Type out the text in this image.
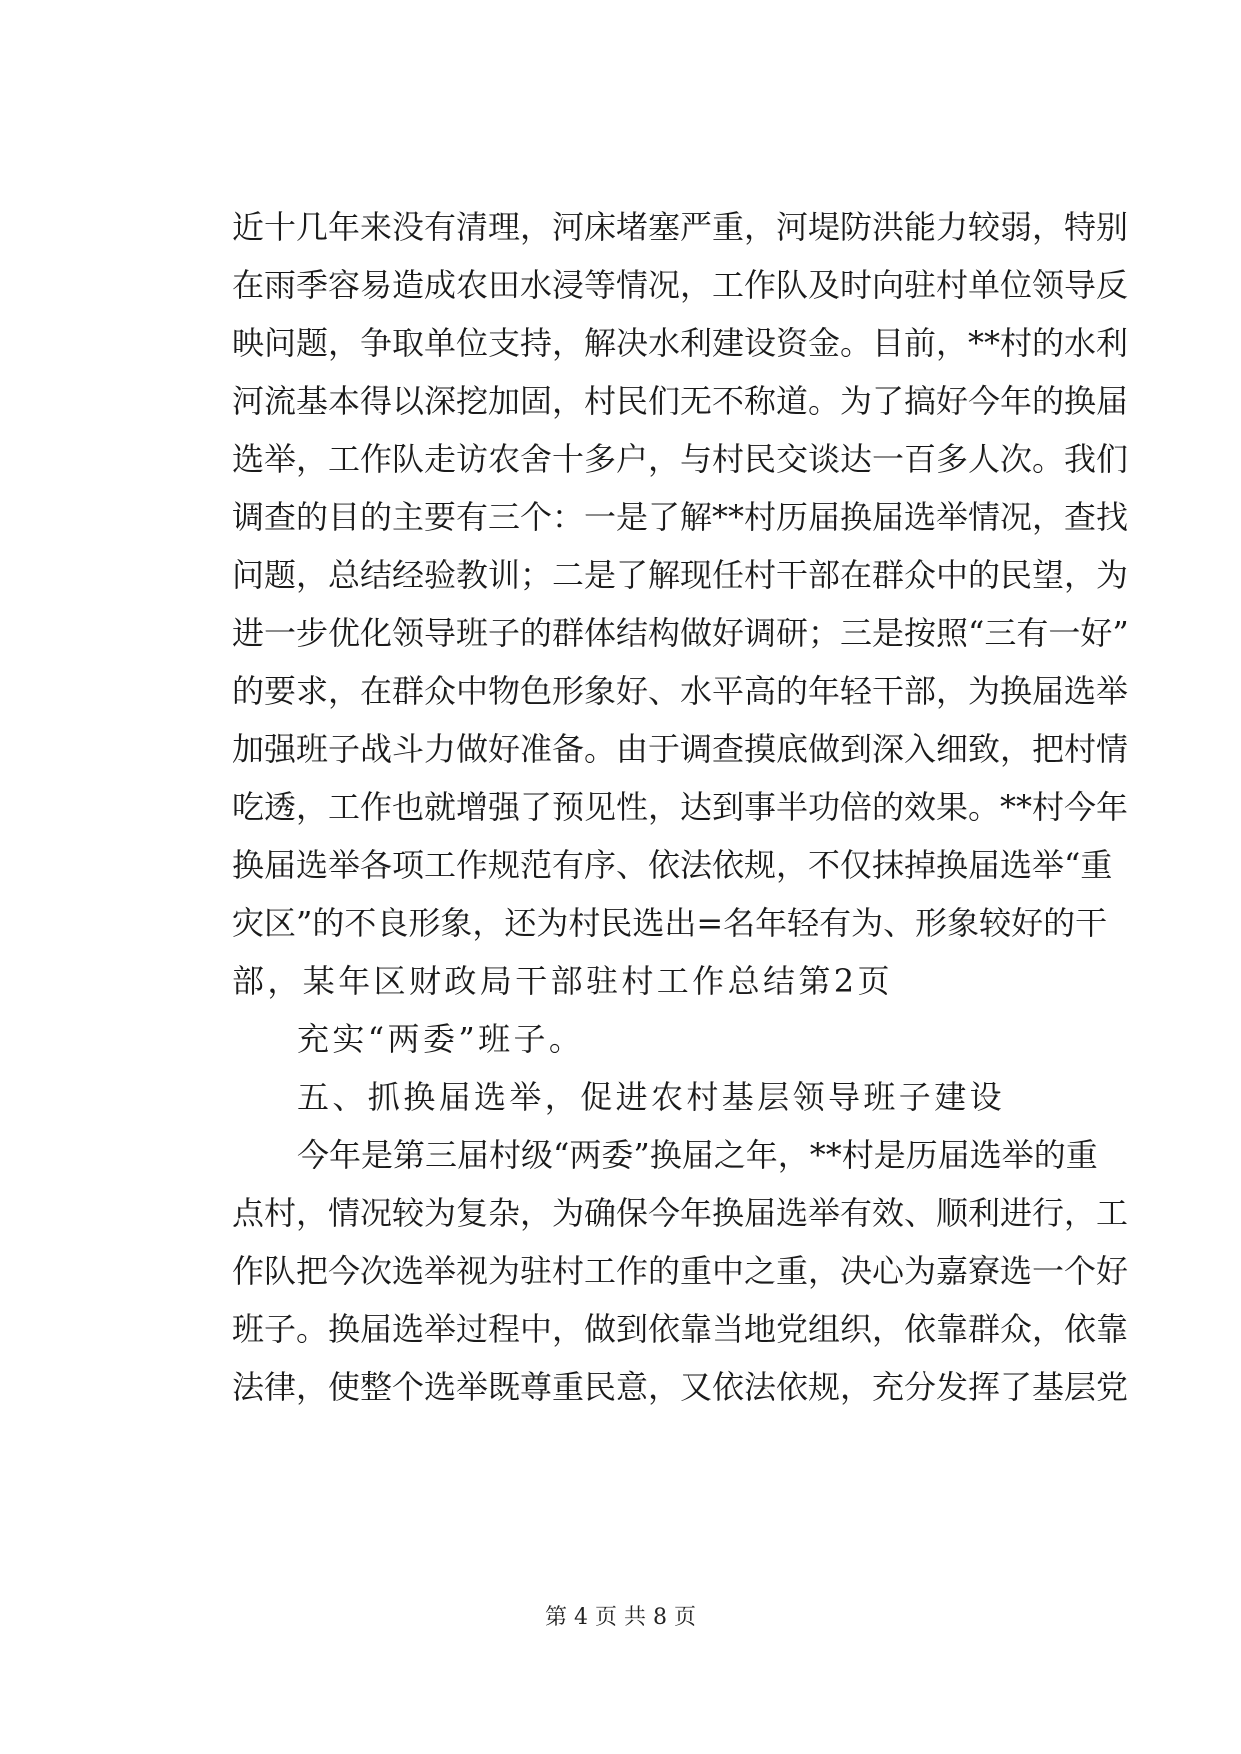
近十几年来没有清理，河床堵塞严重，河堤防洪能力较弱，特别
在雨季容易造成农田水浸等情况，工作队及时向驻村单位领导反
映问题，争取单位支持，解决水利建设资金。目前，**村的水利
河流基本得以深挖加固，村民们无不称道。为了搞好今年的换届
选举，工作队走访农舍十多户，与村民交谈达一百多人次。我们
调查的目的主要有三个：一是了解**村历届换届选举情况，查找
问题，总结经验教训；二是了解现任村干部在群众中的民望，为
进一步优化领导班子的群体结构做好调研；三是按照“三有一好”
的要求，在群众中物色形象好、水平高的年轻干部，为换届选举
加强班子战斗力做好准备。由于调查摸底做到深入细致，把村情
吃透，工作也就增强了预见性，达到事半功倍的效果。**村今年
换届选举各项工作规范有序、依法依规，不仅抹掉换届选举“重
灾区”的不良形象，还为村民选出=名年轻有为、形象较好的干
部，某年区财政局干部驻村工作总结第2页
充实“两委”班子。
五、抓换届选举，促进农村基层领导班子建设
今年是第三届村级“两委”换届之年，**村是历届选举的重
点村，情况较为复杂，为确保今年换届选举有效、顺利进行，工
作队把今次选举视为驻村工作的重中之重，决心为嘉寮选一个好
班子。换届选举过程中，做到依靠当地党组织，依靠群众，依靠
法律，使整个选举既尊重民意，又依法依规，充分发挥了基层党
第 4 页 共 8 页
